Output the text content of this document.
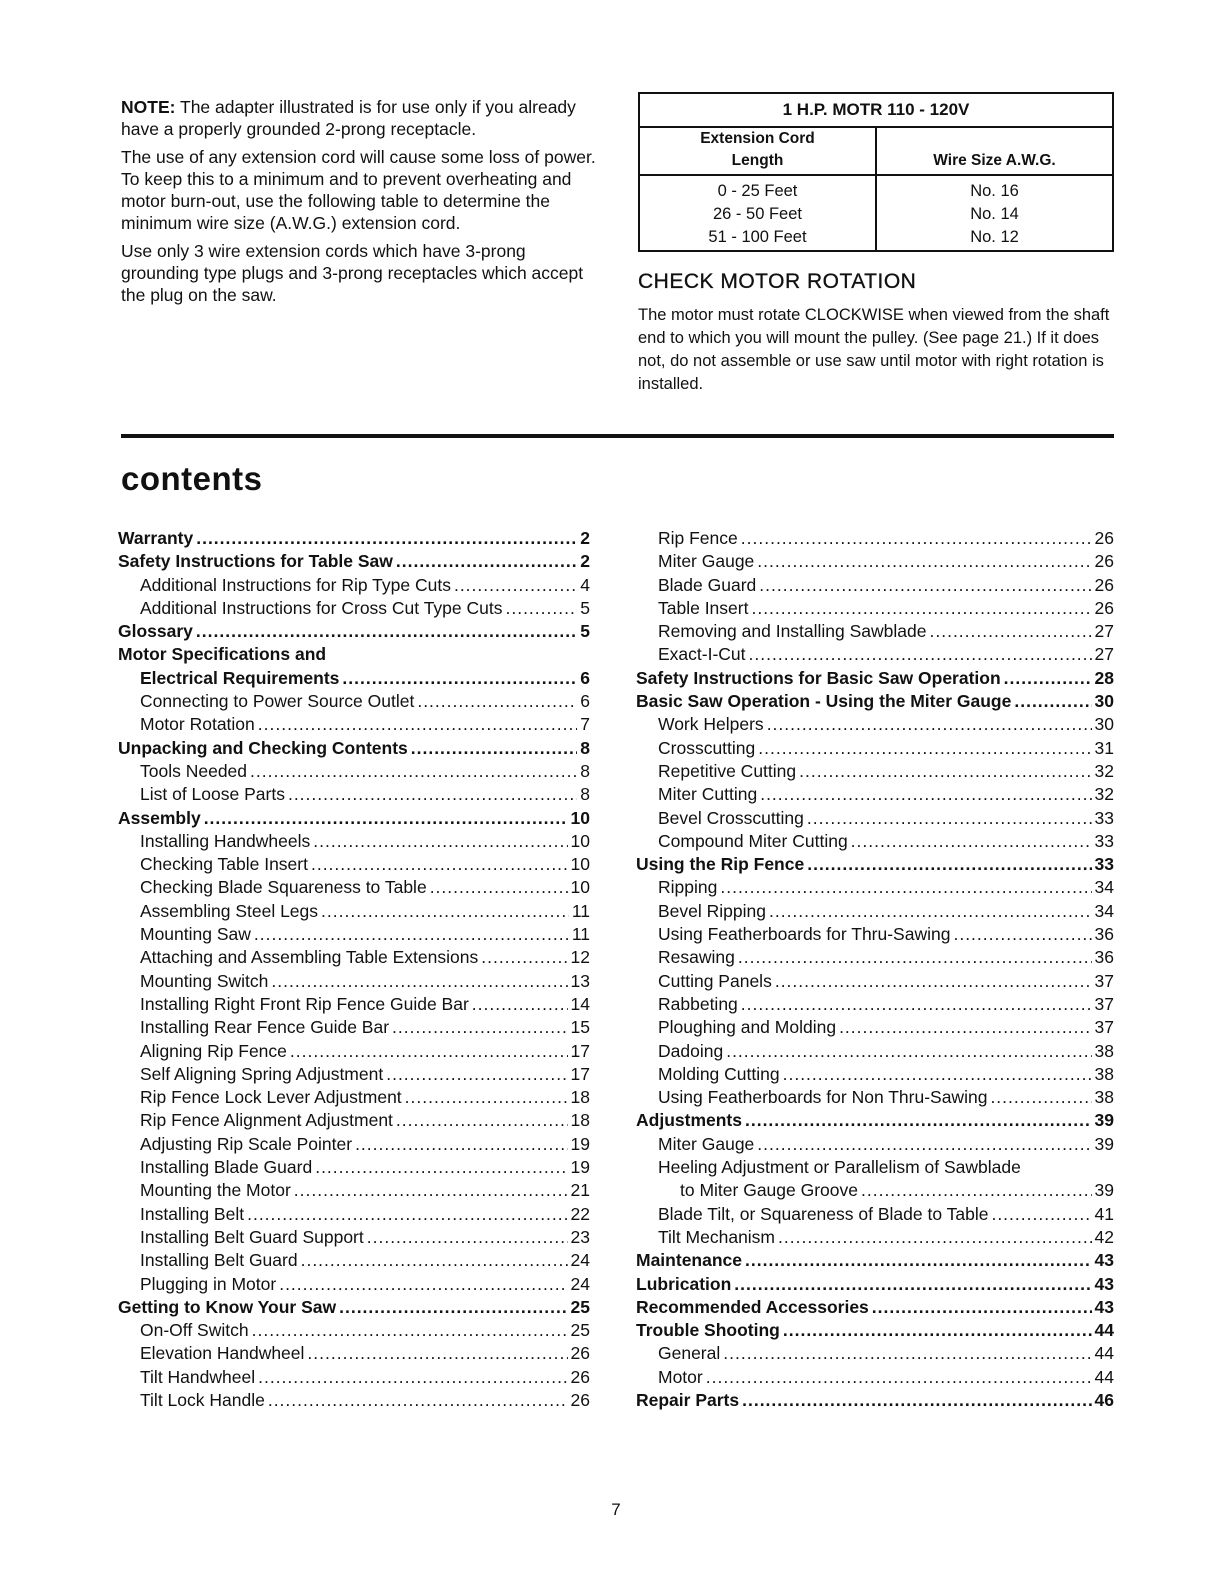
NOTE: The adapter illustrated is for use only if you already have a properly grounded 2-prong receptacle.

The use of any extension cord will cause some loss of power. To keep this to a minimum and to prevent overheating and motor burn-out, use the following table to determine the minimum wire size (A.W.G.) extension cord.

Use only 3 wire extension cords which have 3-prong grounding type plugs and 3-prong receptacles which accept the plug on the saw.

1 H.P. MOTR 110 - 120V	
Extension Cord
Length	Wire Size A.W.G.
0 - 25 Feet	No. 16
26 - 50 Feet	No. 14
51 - 100 Feet	No. 12
CHECK MOTOR ROTATION

The motor must rotate CLOCKWISE when viewed from the shaft end to which you will mount the pulley. (See page 21.) If it does not, do not assemble or use saw until motor with right rotation is installed.

contents
Warranty .....	2
Safety Instructions for Table Saw .....	2
Additional Instructions for Rip Type Cuts .....	4
Additional Instructions for Cross Cut Type Cuts .....	5
Glossary .....	5
Motor Specifications and
Electrical Requirements .....	6
Connecting to Power Source Outlet .....	6
Motor Rotation .....	7
Unpacking and Checking Contents .....	8
Tools Needed .....	8
List of Loose Parts .....	8
Assembly .....	10
Installing Handwheels .....	10
Checking Table Insert .....	10
Checking Blade Squareness to Table .....	10
Assembling Steel Legs .....	11
Mounting Saw .....	11
Attaching and Assembling Table Extensions .....	12
Mounting Switch .....	13
Installing Right Front Rip Fence Guide Bar .....	14
Installing Rear Fence Guide Bar .....	15
Aligning Rip Fence .....	17
Self Aligning Spring Adjustment .....	17
Rip Fence Lock Lever Adjustment .....	18
Rip Fence Alignment Adjustment .....	18
Adjusting Rip Scale Pointer .....	19
Installing Blade Guard .....	19
Mounting the Motor .....	21
Installing Belt .....	22
Installing Belt Guard Support .....	23
Installing Belt Guard .....	24
Plugging in Motor .....	24
Getting to Know Your Saw .....	25
On-Off Switch .....	25
Elevation Handwheel .....	26
Tilt Handwheel .....	26
Tilt Lock Handle .....	26
Rip Fence .....	26
Miter Gauge .....	26
Blade Guard .....	26
Table Insert .....	26
Removing and Installing Sawblade .....	27
Exact-I-Cut .....	27
Safety Instructions for Basic Saw Operation .....	28
Basic Saw Operation - Using the Miter Gauge .....	30
Work Helpers .....	30
Crosscutting .....	31
Repetitive Cutting .....	32
Miter Cutting .....	32
Bevel Crosscutting .....	33
Compound Miter Cutting .....	33
Using the Rip Fence .....	33
Ripping .....	34
Bevel Ripping .....	34
Using Featherboards for Thru-Sawing .....	36
Resawing .....	36
Cutting Panels .....	37
Rabbeting .....	37
Ploughing and Molding .....	37
Dadoing .....	38
Molding Cutting .....	38
Using Featherboards for Non Thru-Sawing .....	38
Adjustments .....	39
Miter Gauge .....	39
Heeling Adjustment or Parallelism of Sawblade
to Miter Gauge Groove .....	39
Blade Tilt, or Squareness of Blade to Table .....	41
Tilt Mechanism .....	42
Maintenance .....	43
Lubrication .....	43
Recommended Accessories .....	43
Trouble Shooting .....	44
General .....	44
Motor .....	44
Repair Parts .....	46
7
